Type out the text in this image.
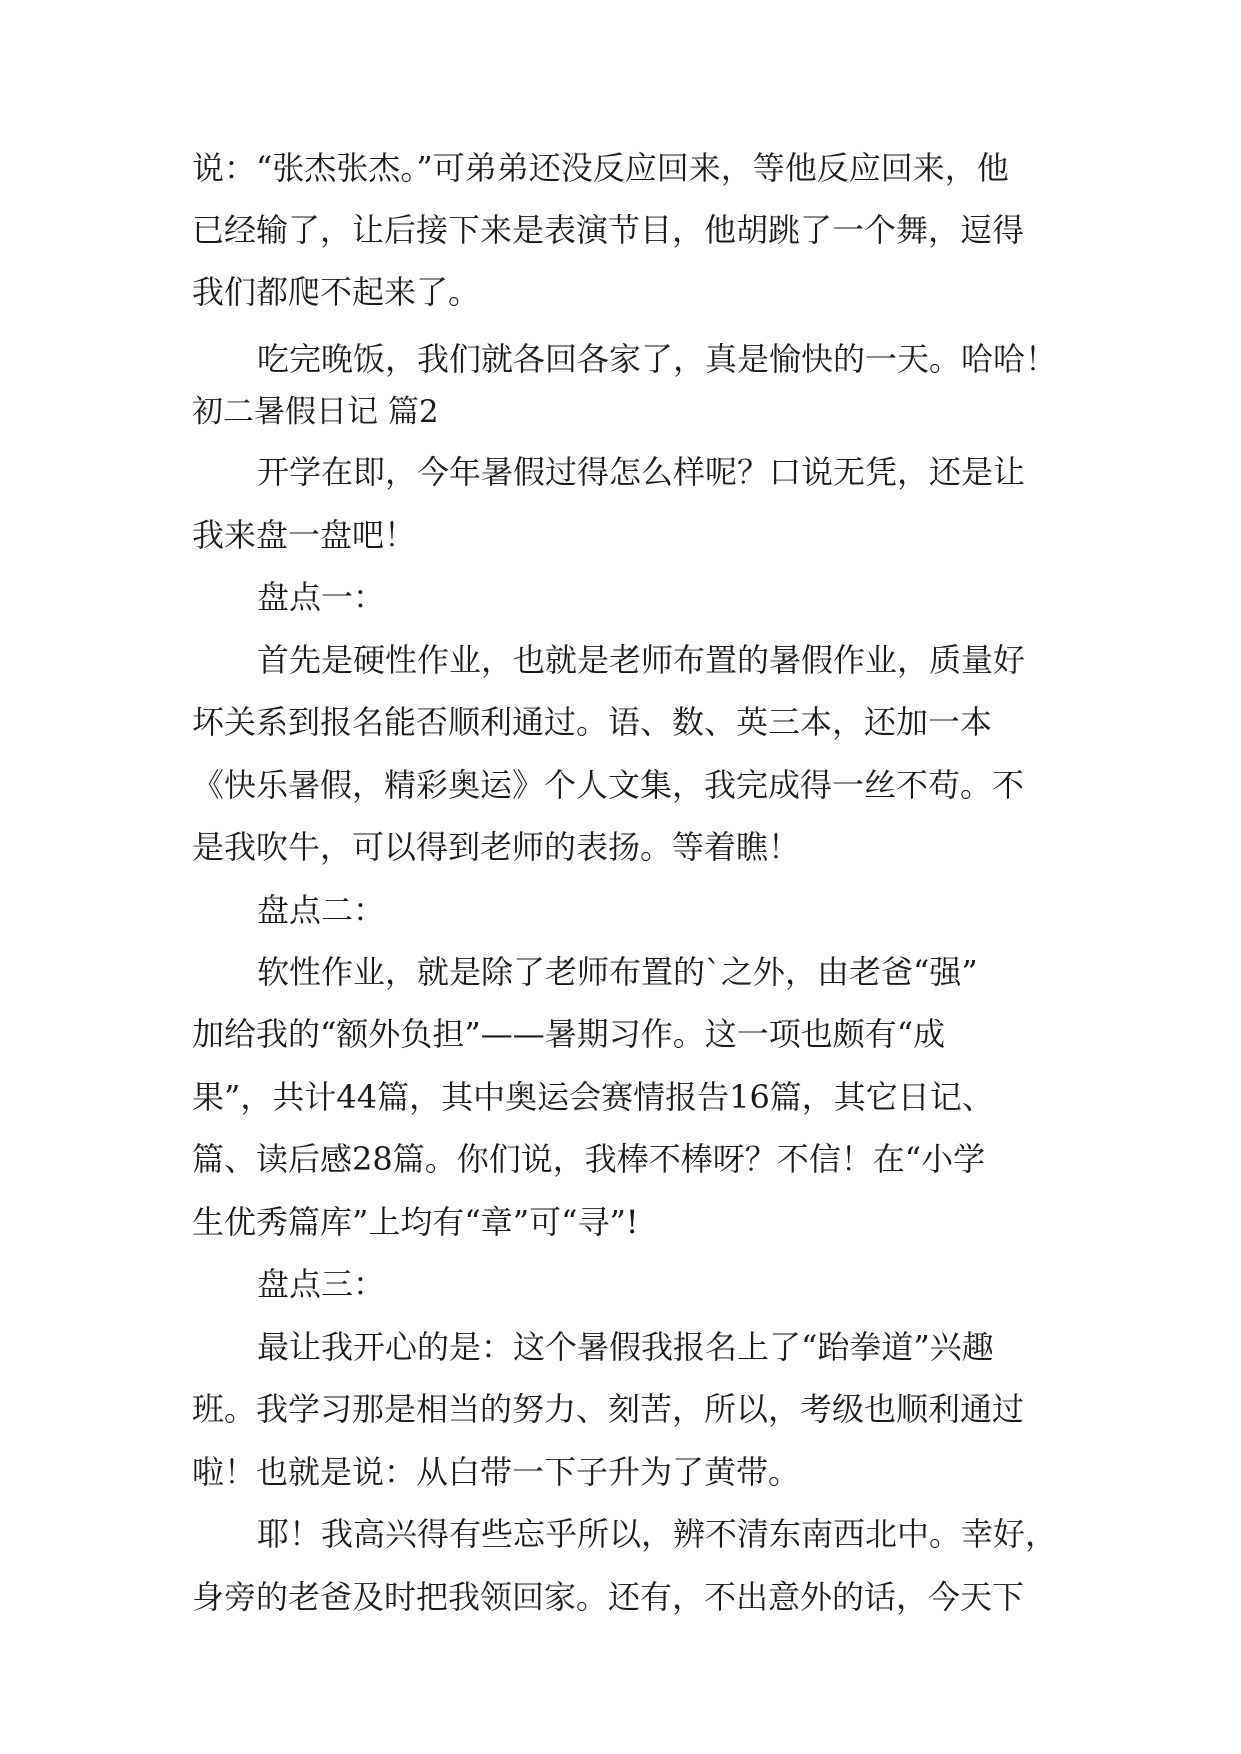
说：“张杰张杰。”可弟弟还没反应回来，等他反应回来，他
已经输了，让后接下来是表演节目，他胡跳了一个舞，逗得
我们都爬不起来了。
吃完晚饭，我们就各回各家了，真是愉快的一天。哈哈！
初二暑假日记 篇2
开学在即，今年暑假过得怎么样呢？口说无凭，还是让
我来盘一盘吧！
盘点一：
首先是硬性作业，也就是老师布置的暑假作业，质量好
坏关系到报名能否顺利通过。语、数、英三本，还加一本
《快乐暑假，精彩奥运》个人文集，我完成得一丝不苟。不
是我吹牛，可以得到老师的表扬。等着瞧！
盘点二：
软性作业，就是除了老师布置的`之外，由老爸“强”
加给我的“额外负担”——暑期习作。这一项也颇有“成
果”，共计44篇，其中奥运会赛情报告16篇，其它日记、
篇、读后感28篇。你们说，我棒不棒呀？不信！在“小学
生优秀篇库”上均有“章”可“寻”!
盘点三：
最让我开心的是：这个暑假我报名上了“跆拳道”兴趣
班。我学习那是相当的努力、刻苦，所以，考级也顺利通过
啦！也就是说：从白带一下子升为了黄带。
耶！我高兴得有些忘乎所以，辨不清东南西北中。幸好，
身旁的老爸及时把我领回家。还有，不出意外的话，今天下
